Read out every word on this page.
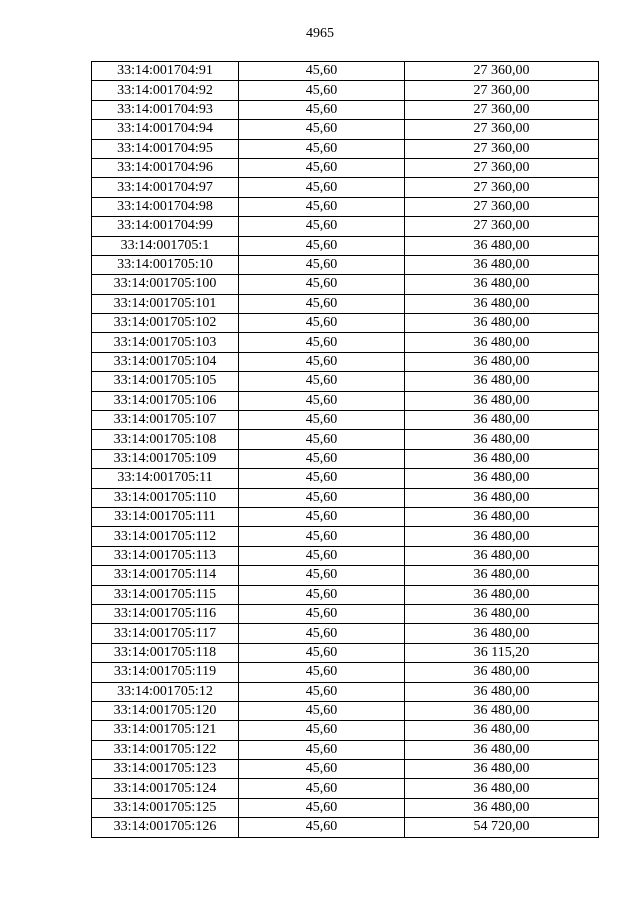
4965
33:14:001704:91	45,60	27 360,00
33:14:001704:92	45,60	27 360,00
33:14:001704:93	45,60	27 360,00
33:14:001704:94	45,60	27 360,00
33:14:001704:95	45,60	27 360,00
33:14:001704:96	45,60	27 360,00
33:14:001704:97	45,60	27 360,00
33:14:001704:98	45,60	27 360,00
33:14:001704:99	45,60	27 360,00
33:14:001705:1	45,60	36 480,00
33:14:001705:10	45,60	36 480,00
33:14:001705:100	45,60	36 480,00
33:14:001705:101	45,60	36 480,00
33:14:001705:102	45,60	36 480,00
33:14:001705:103	45,60	36 480,00
33:14:001705:104	45,60	36 480,00
33:14:001705:105	45,60	36 480,00
33:14:001705:106	45,60	36 480,00
33:14:001705:107	45,60	36 480,00
33:14:001705:108	45,60	36 480,00
33:14:001705:109	45,60	36 480,00
33:14:001705:11	45,60	36 480,00
33:14:001705:110	45,60	36 480,00
33:14:001705:111	45,60	36 480,00
33:14:001705:112	45,60	36 480,00
33:14:001705:113	45,60	36 480,00
33:14:001705:114	45,60	36 480,00
33:14:001705:115	45,60	36 480,00
33:14:001705:116	45,60	36 480,00
33:14:001705:117	45,60	36 480,00
33:14:001705:118	45,60	36 115,20
33:14:001705:119	45,60	36 480,00
33:14:001705:12	45,60	36 480,00
33:14:001705:120	45,60	36 480,00
33:14:001705:121	45,60	36 480,00
33:14:001705:122	45,60	36 480,00
33:14:001705:123	45,60	36 480,00
33:14:001705:124	45,60	36 480,00
33:14:001705:125	45,60	36 480,00
33:14:001705:126	45,60	54 720,00
